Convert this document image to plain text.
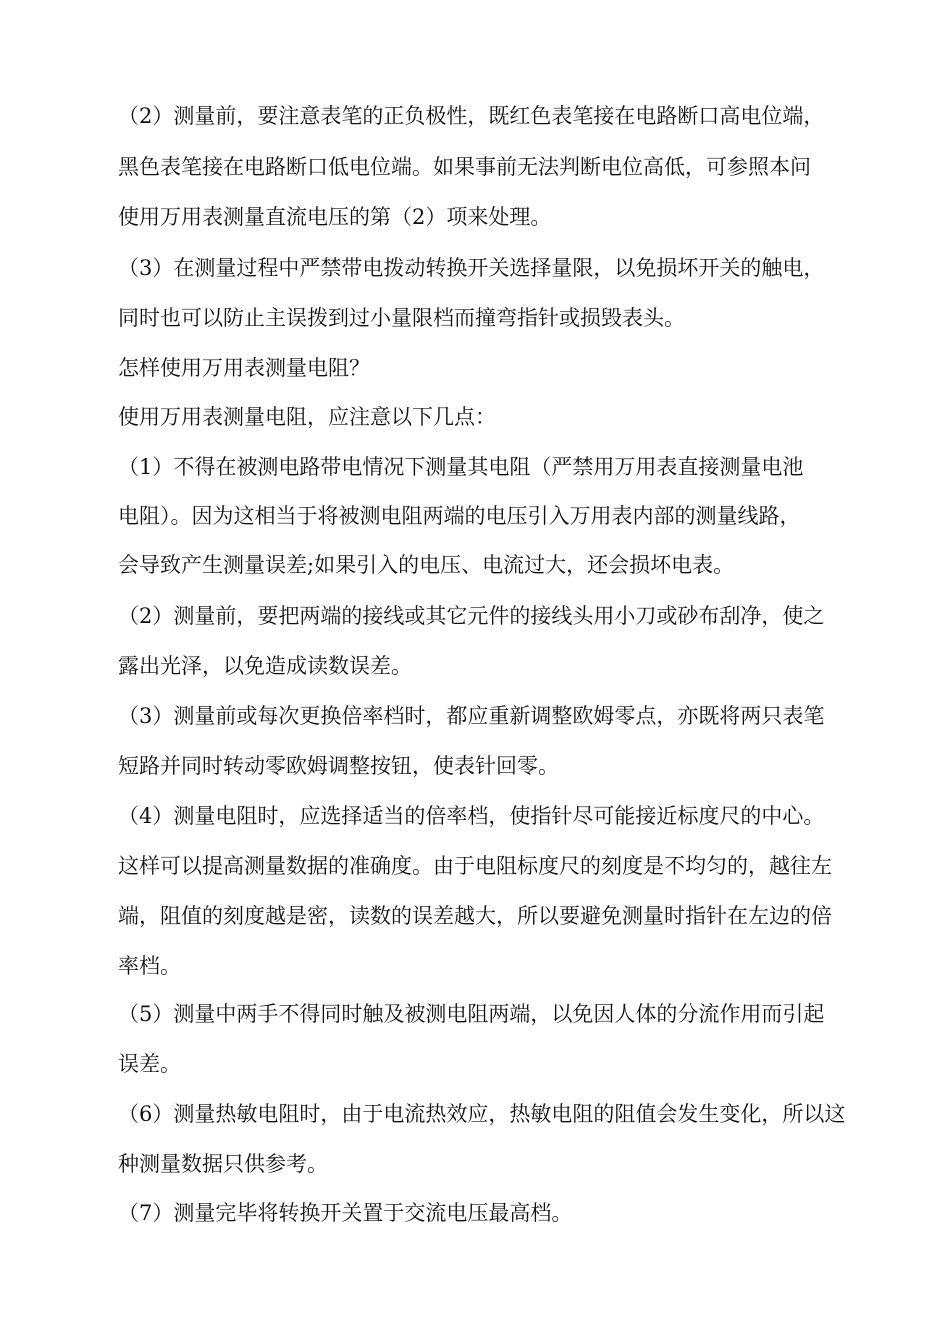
（2）测量前，要注意表笔的正负极性，既红色表笔接在电路断口高电位端，
黑色表笔接在电路断口低电位端。如果事前无法判断电位高低，可参照本问
使用万用表测量直流电压的第（2）项来处理。
（3）在测量过程中严禁带电拨动转换开关选择量限，以免损坏开关的触电，
同时也可以防止主误拨到过小量限档而撞弯指针或损毁表头。
怎样使用万用表测量电阻？
使用万用表测量电阻，应注意以下几点：
（1）不得在被测电路带电情况下测量其电阻（严禁用万用表直接测量电池
电阻）。因为这相当于将被测电阻两端的电压引入万用表内部的测量线路，
会导致产生测量误差;如果引入的电压、电流过大，还会损坏电表。
（2）测量前，要把两端的接线或其它元件的接线头用小刀或砂布刮净，使之
露出光泽，以免造成读数误差。
（3）测量前或每次更换倍率档时，都应重新调整欧姆零点，亦既将两只表笔
短路并同时转动零欧姆调整按钮，使表针回零。
（4）测量电阻时，应选择适当的倍率档，使指针尽可能接近标度尺的中心。
这样可以提高测量数据的准确度。由于电阻标度尺的刻度是不均匀的，越往左
端，阻值的刻度越是密，读数的误差越大，所以要避免测量时指针在左边的倍
率档。
（5）测量中两手不得同时触及被测电阻两端，以免因人体的分流作用而引起
误差。
（6）测量热敏电阻时，由于电流热效应，热敏电阻的阻值会发生变化，所以这
种测量数据只供参考。
（7）测量完毕将转换开关置于交流电压最高档。
